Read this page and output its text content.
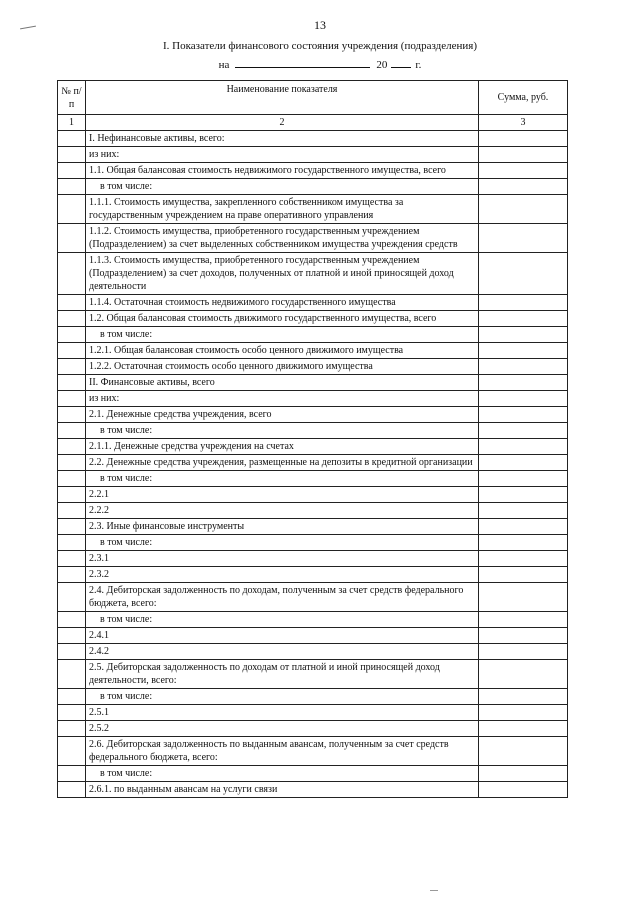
13
I. Показатели финансового состояния учреждения (подразделения)
на	20	г.
№ п/п	Наименование показателя	Сумма, руб.
1	2	3
	I. Нефинансовые активы, всего:	
	из них:	
	1.1. Общая балансовая стоимость недвижимого государственного имущества, всего	
	в том числе:	
	1.1.1. Стоимость имущества, закрепленного собственником имущества за государственным учреждением на праве оперативного управления	
	1.1.2. Стоимость имущества, приобретенного государственным учреждением (Подразделением) за счет выделенных собственником имущества учреждения средств	
	1.1.3. Стоимость имущества, приобретенного государственным учреждением (Подразделением) за счет доходов, полученных от платной и иной приносящей доход деятельности	
	1.1.4. Остаточная стоимость недвижимого государственного имущества	
	1.2. Общая балансовая стоимость движимого государственного имущества, всего	
	в том числе:	
	1.2.1. Общая балансовая стоимость особо ценного движимого имущества	
	1.2.2. Остаточная стоимость особо ценного движимого имущества	
	II. Финансовые активы, всего	
	из них:	
	2.1. Денежные средства учреждения, всего	
	в том числе:	
	2.1.1. Денежные средства учреждения на счетах	
	2.2. Денежные средства учреждения, размещенные на депозиты в кредитной организации	
	в том числе:	
	2.2.1	
	2.2.2	
	2.3. Иные финансовые инструменты	
	в том числе:	
	2.3.1	
	2.3.2	
	2.4. Дебиторская задолженность по доходам, полученным за счет средств федерального бюджета, всего:	
	в том числе:	
	2.4.1	
	2.4.2	
	2.5. Дебиторская задолженность по доходам от платной и иной приносящей доход деятельности, всего:	
	в том числе:	
	2.5.1	
	2.5.2	
	2.6. Дебиторская задолженность по выданным авансам, полученным за счет средств федерального бюджета, всего:	
	в том числе:	
	2.6.1. по выданным авансам на услуги связи	
